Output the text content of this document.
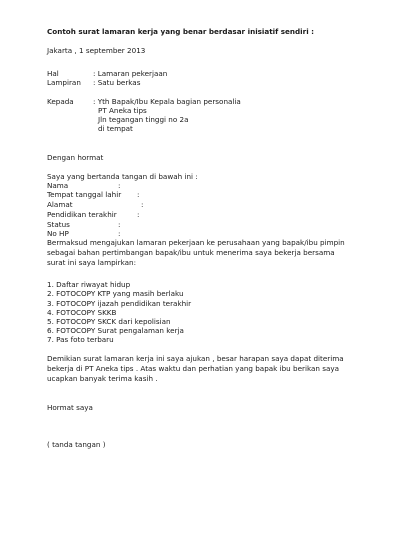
Contoh surat lamaran kerja yang benar berdasar inisiatif sendiri :
Jakarta , 1 september 2013
Hal	: Lamaran pekerjaan
Lampiran : Satu berkas
Kepada	: Yth Bapak/Ibu Kepala bagian personalia
PT Aneka tips
Jln tegangan tinggi no 2a
di tempat
Dengan hormat
Saya yang bertanda tangan di bawah ini :
Nama	:
Tempat tanggal lahir :
Alamat	:
Pendidikan terakhir	:
Status	:
No HP	:
Bermaksud mengajukan lamaran pekerjaan ke perusahaan yang bapak/ibu pimpin
sebagai bahan pertimbangan bapak/ibu untuk menerima saya bekerja bersama
surat ini saya lampirkan:
1. Daftar riwayat hidup
2. FOTOCOPY KTP yang masih berlaku
3. FOTOCOPY ijazah pendidikan terakhir
4. FOTOCOPY SKKB
5. FOTOCOPY SKCK dari kepolisian
6. FOTOCOPY Surat pengalaman kerja
7. Pas foto terbaru
Demikian surat lamaran kerja ini saya ajukan , besar harapan saya dapat diterima
bekerja di PT Aneka tips . Atas waktu dan perhatian yang bapak ibu berikan saya
ucapkan banyak terima kasih .
Hormat saya
( tanda tangan )
